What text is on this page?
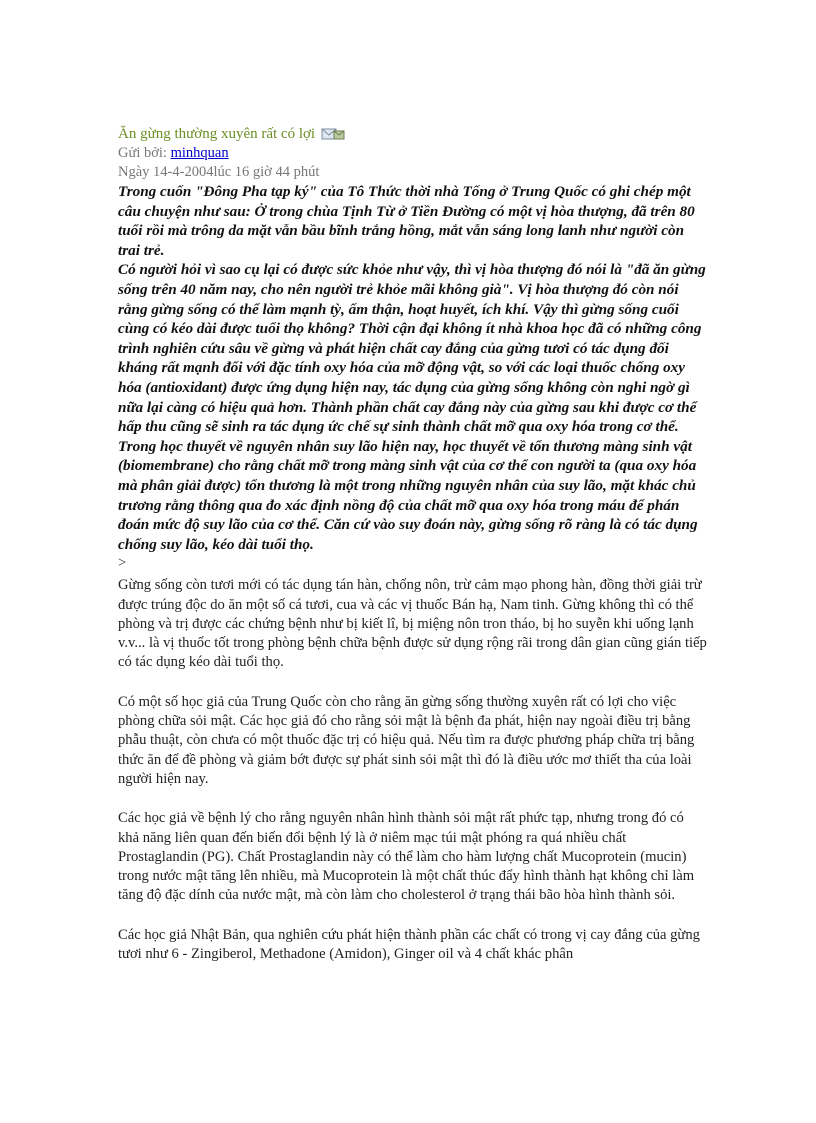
Ăn gừng thường xuyên rất có lợi
Gửi bởi: minhquan
Ngày 14-4-2004lúc 16 giờ 44 phút

Trong cuốn "Đông Pha tạp ký" của Tô Thức thời nhà Tống ở Trung Quốc có ghi chép một câu chuyện như sau: Ở trong chùa Tịnh Từ ở Tiền Đường có một vị hòa thượng, đã trên 80 tuổi rồi mà trông da mặt vẫn bầu bĩnh trắng hồng, mắt vẫn sáng long lanh như người còn trai trẻ.

Có người hỏi vì sao cụ lại có được sức khỏe như vậy, thì vị hòa thượng đó nói là "đã ăn gừng sống trên 40 năm nay, cho nên người trẻ khỏe mãi không già". Vị hòa thượng đó còn nói rằng gừng sống có thể làm mạnh tỳ, ấm thận, hoạt huyết, ích khí. Vậy thì gừng sống cuối cùng có kéo dài được tuổi thọ không? Thời cận đại không ít nhà khoa học đã có những công trình nghiên cứu sâu về gừng và phát hiện chất cay đắng của gừng tươi có tác dụng đối kháng rất mạnh đối với đặc tính oxy hóa của mỡ động vật, so với các loại thuốc chống oxy hóa (antioxidant) được ứng dụng hiện nay, tác dụng của gừng sống không còn nghi ngờ gì nữa lại càng có hiệu quả hơn. Thành phần chất cay đắng này của gừng sau khi được cơ thể hấp thu cũng sẽ sinh ra tác dụng ức chế sự sinh thành chất mỡ qua oxy hóa trong cơ thể. Trong học thuyết về nguyên nhân suy lão hiện nay, học thuyết về tổn thương màng sinh vật (biomembrane) cho rằng chất mỡ trong màng sinh vật của cơ thể con người ta (qua oxy hóa mà phân giải được) tổn thương là một trong những nguyên nhân của suy lão, mặt khác chủ trương rằng thông qua đo xác định nồng độ của chất mỡ qua oxy hóa trong máu để phán đoán mức độ suy lão của cơ thể. Căn cứ vào suy đoán này, gừng sống rõ ràng là có tác dụng chống suy lão, kéo dài tuổi thọ.

>

Gừng sống còn tươi mới có tác dụng tán hàn, chống nôn, trừ cảm mạo phong hàn, đồng thời giải trừ được trúng độc do ăn một số cá tươi, cua và các vị thuốc Bán hạ, Nam tinh. Gừng không thì có thể phòng và trị được các chứng bệnh như bị kiết lî, bị miệng nôn tron tháo, bị ho suyễn khi uống lạnh v.v... là vị thuốc tốt trong phòng bệnh chữa bệnh được sử dụng rộng rãi trong dân gian cũng gián tiếp có tác dụng kéo dài tuổi thọ.

Có một số học giả của Trung Quốc còn cho rằng ăn gừng sống thường xuyên rất có lợi cho việc phòng chữa sỏi mật. Các học giả đó cho rằng sỏi mật là bệnh đa phát, hiện nay ngoài điều trị bằng phẫu thuật, còn chưa có một thuốc đặc trị có hiệu quả. Nếu tìm ra được phương pháp chữa trị bằng thức ăn để đề phòng và giảm bớt được sự phát sinh sỏi mật thì đó là điều ước mơ thiết tha của loài người hiện nay.

Các học giả về bệnh lý cho rằng nguyên nhân hình thành sỏi mật rất phức tạp, nhưng trong đó có khả năng liên quan đến biến đổi bệnh lý là ở niêm mạc túi mật phóng ra quá nhiều chất Prostaglandin (PG). Chất Prostaglandin này có thể làm cho hàm lượng chất Mucoprotein (mucin) trong nước mật tăng lên nhiều, mà Mucoprotein là một chất thúc đẩy hình thành hạt không chỉ làm tăng độ đặc dính của nước mật, mà còn làm cho cholesterol ở trạng thái bão hòa hình thành sỏi.

Các học giả Nhật Bản, qua nghiên cứu phát hiện thành phần các chất có trong vị cay đắng của gừng tươi như 6 - Zingiberol, Methadone (Amidon), Ginger oil và 4 chất khác phân
